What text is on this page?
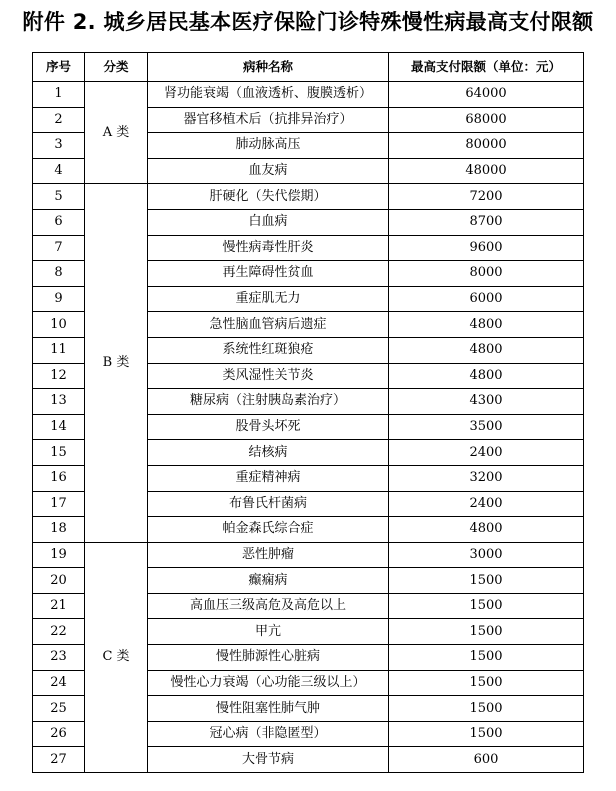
附件 2. 城乡居民基本医疗保险门诊特殊慢性病最高支付限额
序号	分类	病种名称	最高支付限额（单位：元）
1	A 类	肾功能衰竭（血液透析、腹膜透析）	64000
2		器官移植术后（抗排异治疗）	68000
3		肺动脉高压	80000
4		血友病	48000
5	B 类	肝硬化（失代偿期）	7200
6		白血病	8700
7		慢性病毒性肝炎	9600
8		再生障碍性贫血	8000
9		重症肌无力	6000
10		急性脑血管病后遗症	4800
11		系统性红斑狼疮	4800
12		类风湿性关节炎	4800
13		糖尿病（注射胰岛素治疗）	4300
14		股骨头坏死	3500
15		结核病	2400
16		重症精神病	3200
17		布鲁氏杆菌病	2400
18		帕金森氏综合症	4800
19	C 类	恶性肿瘤	3000
20		癫痫病	1500
21		高血压三级高危及高危以上	1500
22		甲亢	1500
23		慢性肺源性心脏病	1500
24		慢性心力衰竭（心功能三级以上）	1500
25		慢性阻塞性肺气肿	1500
26		冠心病（非隐匿型）	1500
27		大骨节病	600
